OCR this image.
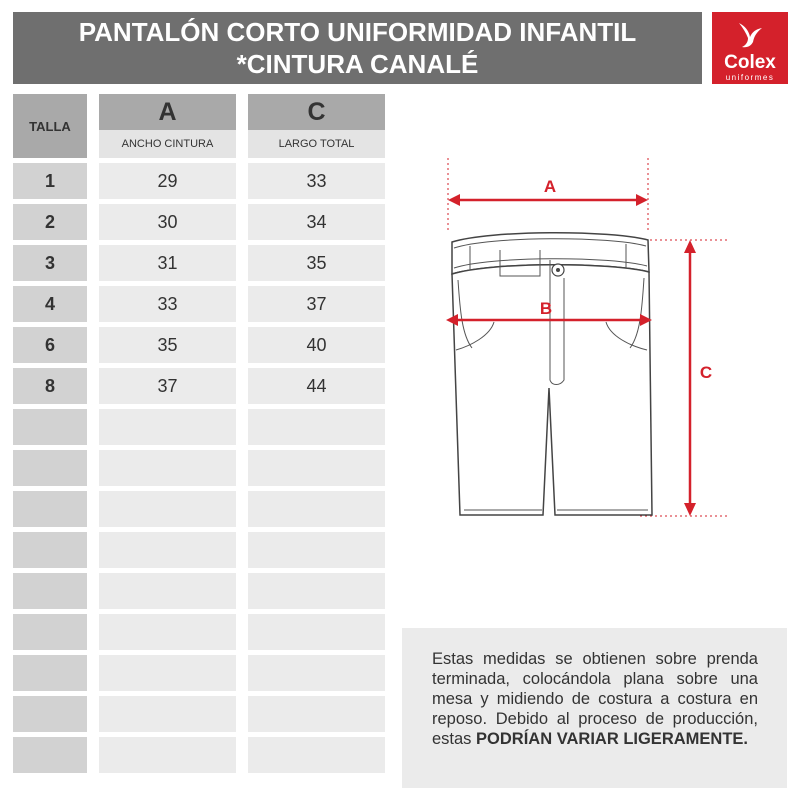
PANTALÓN CORTO UNIFORMIDAD INFANTIL
*CINTURA CANALÉ	Colex
uniformes
TALLA
A
ANCHO CINTURA
C
LARGO TOTAL
1	29	33
2	30	34
3	31	35
4	33	37
6	35	40
8	37	44
A
B
C
Estas medidas se obtienen sobre prenda terminada, colocándola plana sobre una mesa y midiendo de costura a costura en reposo. Debido al proceso de producción, estas PODRÍAN VARIAR LIGERAMENTE.
